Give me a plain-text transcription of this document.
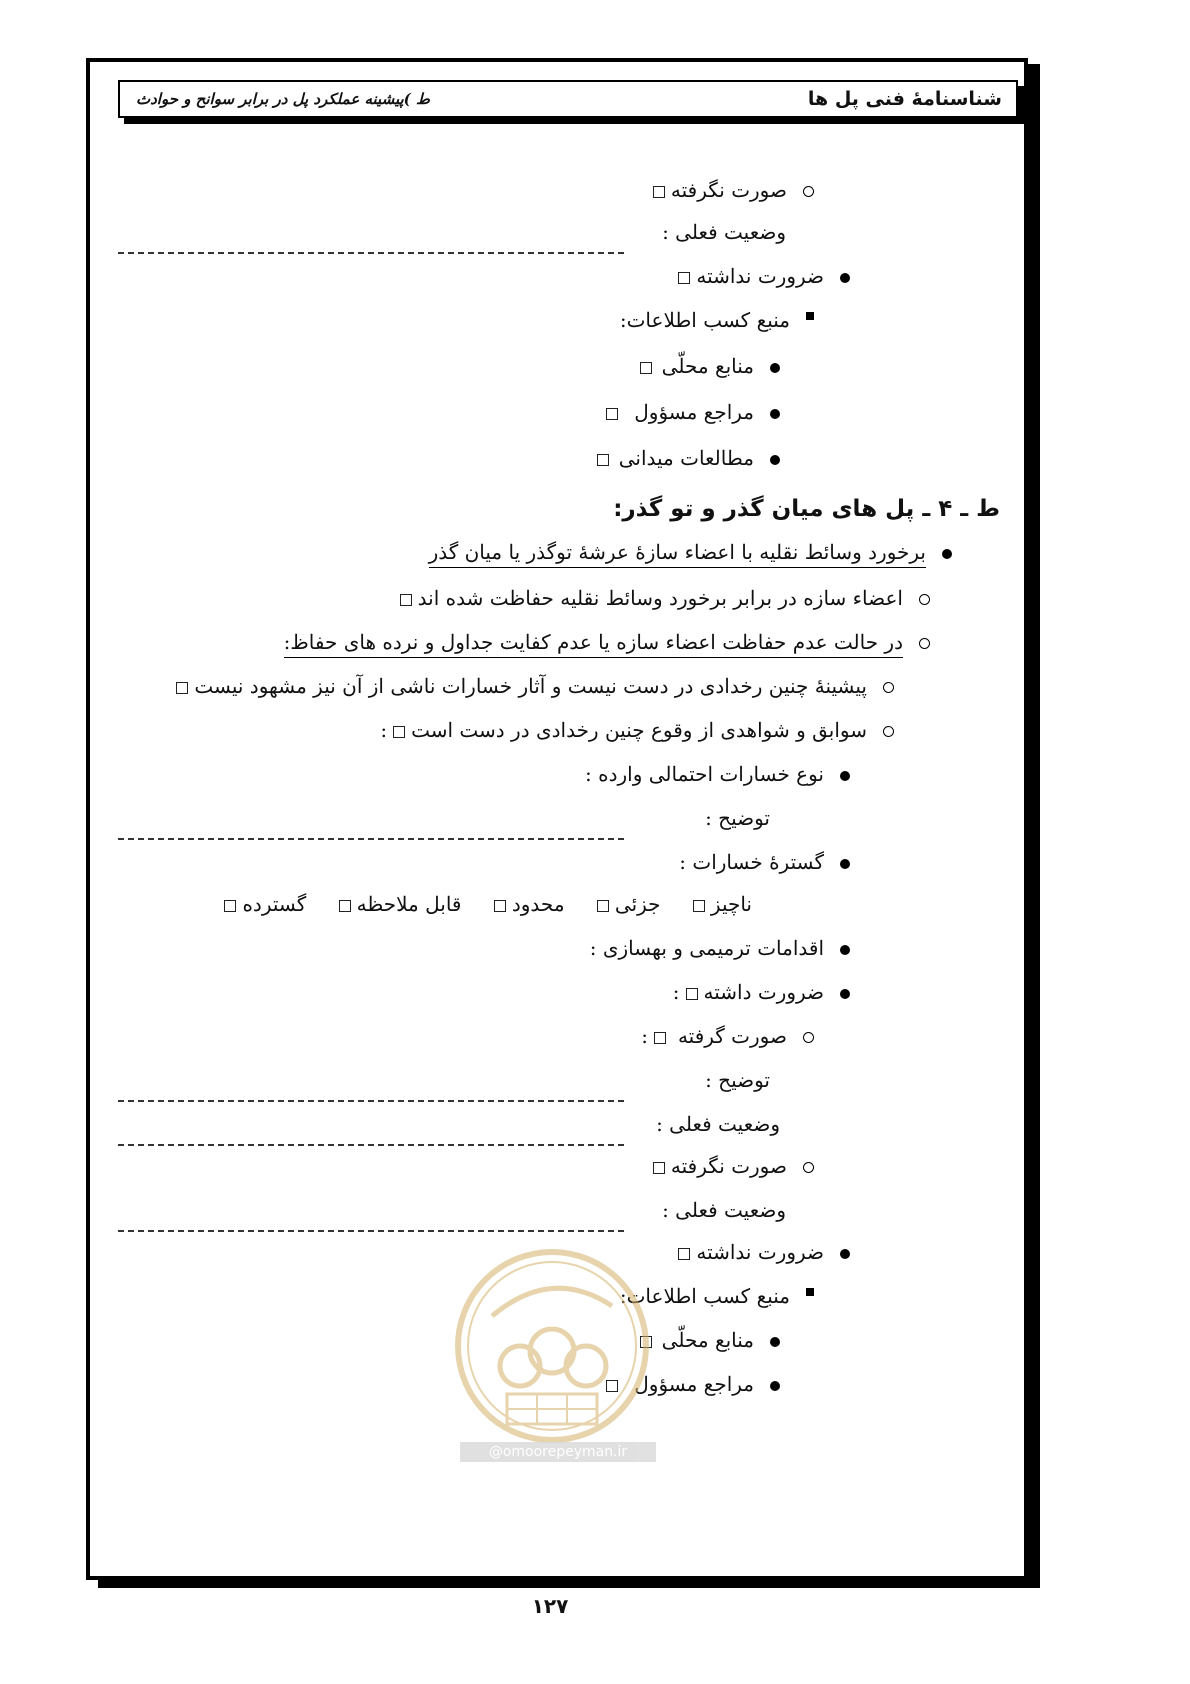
شناسنامهٔ فنی پل ها
ط )پیشینه عملکرد پل در برابر سوانح و حوادث
صورت نگرفته
وضعیت فعلی :
ضرورت نداشته
منبع کسب اطلاعات:
منابع محلّی
مراجع مسؤول
مطالعات میدانی
ط ـ ۴ ـ پل های میان گذر و تو گذر:
برخورد وسائط نقلیه با اعضاء سازهٔ عرشهٔ توگذر یا میان گذر
اعضاء سازه در برابر برخورد وسائط نقلیه حفاظت شده اند
در حالت عدم حفاظت اعضاء سازه یا عدم کفایت جداول و نرده های حفاظ:
پیشینهٔ چنین رخدادی در دست نیست و آثار خسارات ناشی از آن نیز مشهود نیست
سوابق و شواهدی از وقوع چنین رخدادی در دست است:
نوع خسارات احتمالی وارده :
توضیح :
گسترهٔ خسارات :
ناچیز جزئی محدود قابل ملاحظه گسترده
اقدامات ترمیمی و بهسازی :
ضرورت داشته:
صورت گرفته:
توضیح :
وضعیت فعلی :
صورت نگرفته
وضعیت فعلی :
ضرورت نداشته
منبع کسب اطلاعات:
منابع محلّی
مراجع مسؤول
@omoorepeyman.ir
۱۲۷
